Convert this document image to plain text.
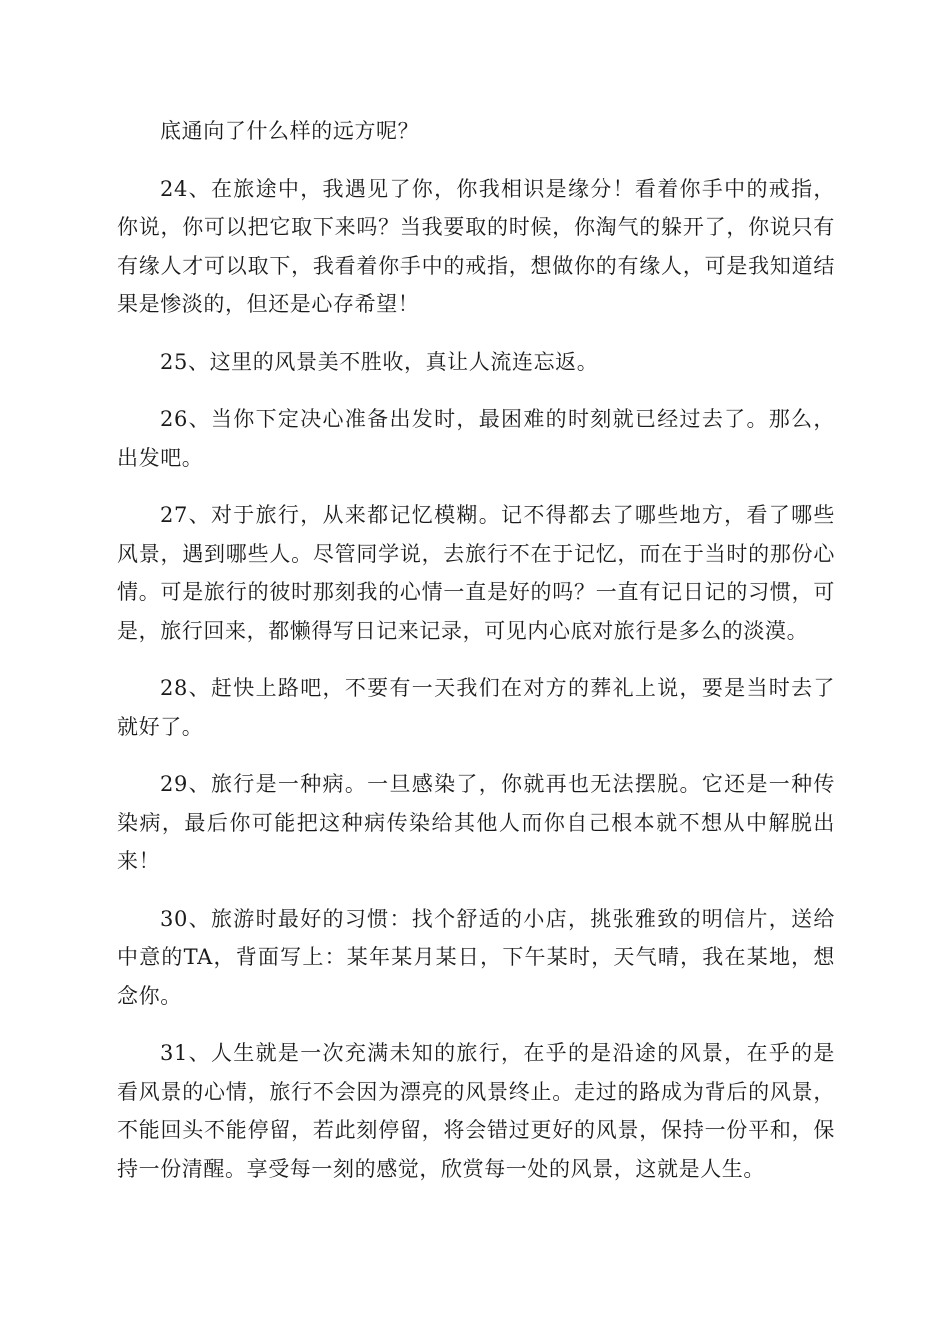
底通向了什么样的远方呢？

24、在旅途中，我遇见了你，你我相识是缘分！看着你手中的戒指，你说，你可以把它取下来吗？当我要取的时候，你淘气的躲开了，你说只有有缘人才可以取下，我看着你手中的戒指，想做你的有缘人，可是我知道结果是惨淡的，但还是心存希望！

25、这里的风景美不胜收，真让人流连忘返。

26、当你下定决心准备出发时，最困难的时刻就已经过去了。那么，出发吧。

27、对于旅行，从来都记忆模糊。记不得都去了哪些地方，看了哪些风景，遇到哪些人。尽管同学说，去旅行不在于记忆，而在于当时的那份心情。可是旅行的彼时那刻我的心情一直是好的吗？一直有记日记的习惯，可是，旅行回来，都懒得写日记来记录，可见内心底对旅行是多么的淡漠。

28、赶快上路吧，不要有一天我们在对方的葬礼上说，要是当时去了就好了。

29、旅行是一种病。一旦感染了，你就再也无法摆脱。它还是一种传染病，最后你可能把这种病传染给其他人而你自己根本就不想从中解脱出来！

30、旅游时最好的习惯：找个舒适的小店，挑张雅致的明信片，送给中意的TA，背面写上：某年某月某日，下午某时，天气晴，我在某地，想念你。

31、人生就是一次充满未知的旅行，在乎的是沿途的风景，在乎的是看风景的心情，旅行不会因为漂亮的风景终止。走过的路成为背后的风景，不能回头不能停留，若此刻停留，将会错过更好的风景，保持一份平和，保持一份清醒。享受每一刻的感觉，欣赏每一处的风景，这就是人生。
